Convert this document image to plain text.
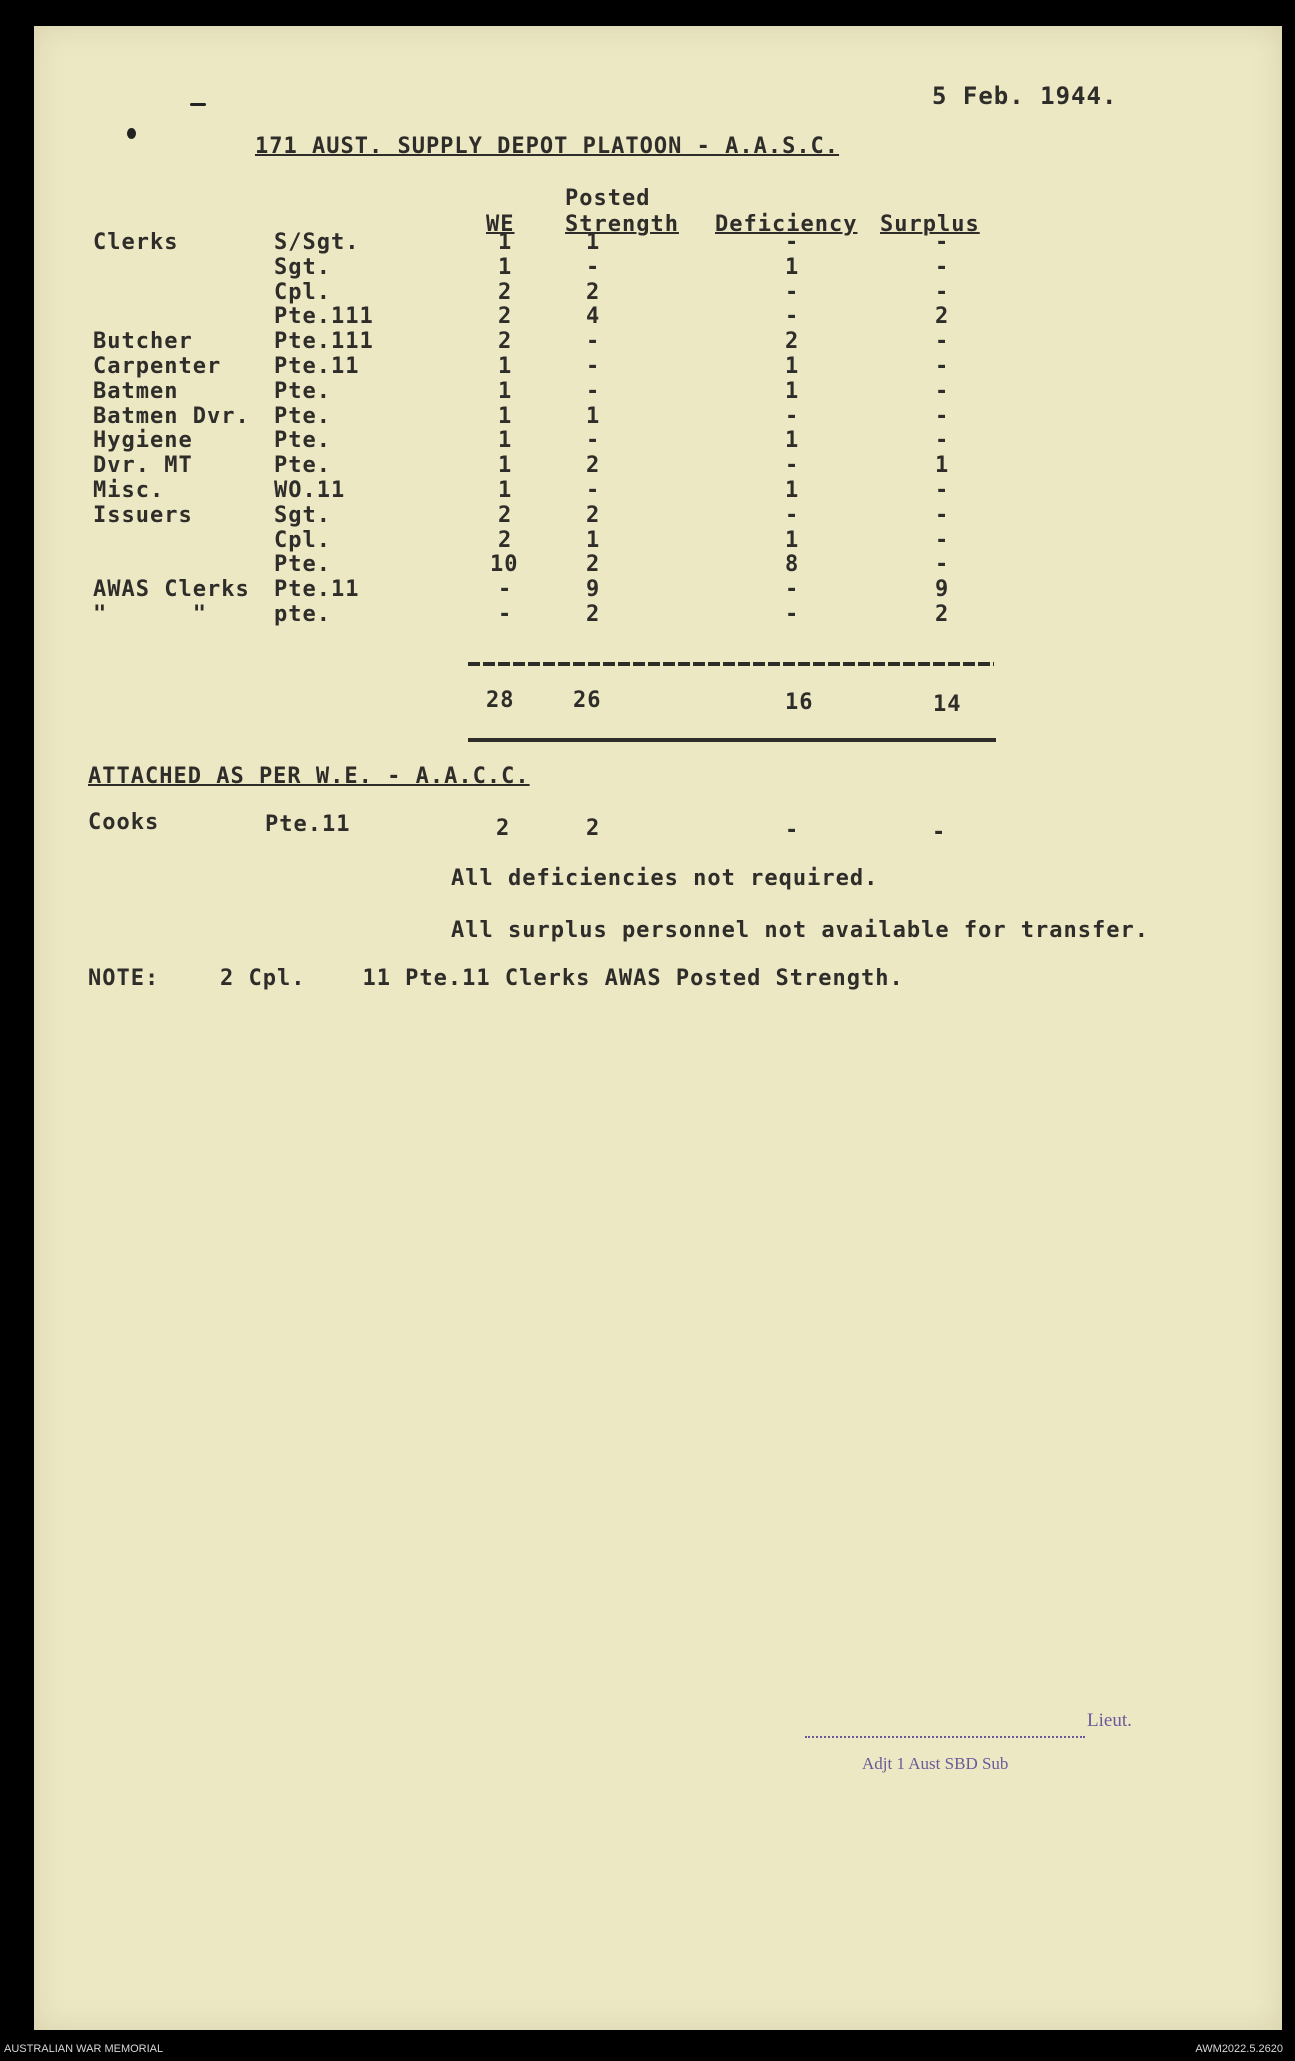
5 Feb. 1944.
171 AUST. SUPPLY DEPOT PLATOON - A.A.S.C.
Posted
WE Strength Deficiency Surplus
Clerks	S/Sgt.	1	1	-	-
Sgt.	1	-	1	-
Cpl.	2	2	-	-
Pte.111	2	4	-	2
Butcher	Pte.111	2	-	2	-
Carpenter Pte.11	1	-	1	-
Batmen	Pte.	1	-	1	-
Batmen Dvr. Pte.	1	1	-	-
Hygiene	Pte.	1	-	1	-
Dvr. MT	Pte.	1	2	-	1
Misc.	WO.11	1	-	1	-
Issuers	Sgt.	2	2	-	-
Cpl.	2	1	1	-
Pte.	10	2	8	-
AWAS Clerks Pte.11	-	9	-	9
"      "	pte.	-	2	-	2
28	26	16	14
ATTACHED AS PER W.E. - A.A.C.C.
Cooks	Pte.11	2	2	-	-
All deficiencies not required.
All surplus personnel not available for transfer.
NOTE:	2 Cpl.    11 Pte.11 Clerks AWAS Posted Strength.
Lieut.
Adjt 1 Aust SBD Sub
AUSTRALIAN WAR MEMORIAL	AWM2022.5.2620
